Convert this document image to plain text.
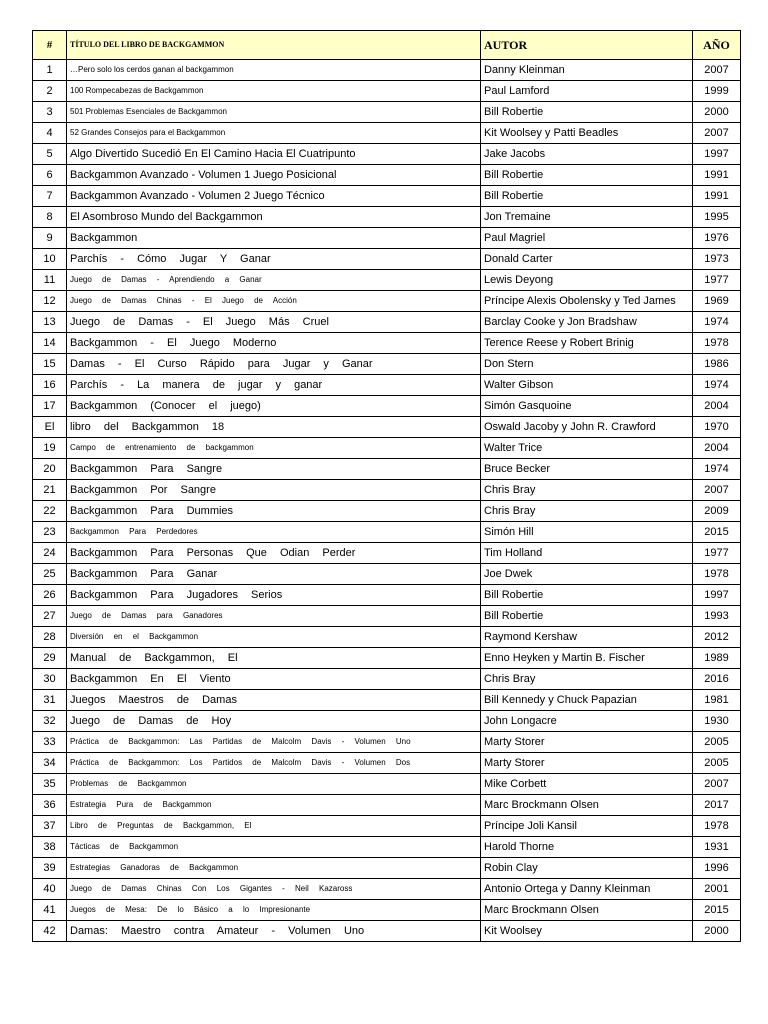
#	TÍTULO DEL LIBRO DE BACKGAMMON	AUTOR	AÑO
1	…Pero solo los cerdos ganan al backgammon	Danny Kleinman	2007
2	100 Rompecabezas de Backgammon	Paul Lamford	1999
3	501 Problemas Esenciales de Backgammon	Bill Robertie	2000
4	52 Grandes Consejos para el Backgammon	Kit Woolsey y Patti Beadles	2007
5	Algo Divertido Sucedió En El Camino Hacia El Cuatripunto	Jake Jacobs	1997
6	Backgammon Avanzado - Volumen 1 Juego Posicional	Bill Robertie	1991
7	Backgammon Avanzado - Volumen 2 Juego Técnico	Bill Robertie	1991
8	El Asombroso Mundo del Backgammon	Jon Tremaine	1995
9	Backgammon	Paul Magriel	1976
10	Parchís - Cómo Jugar Y Ganar	Donald Carter	1973
11	Juego de Damas - Aprendiendo a Ganar	Lewis Deyong	1977
12	Juego de Damas Chinas - El Juego de Acción	Príncipe Alexis Obolensky y Ted James	1969
13	Juego de Damas - El Juego Más Cruel	Barclay Cooke y Jon Bradshaw	1974
14	Backgammon - El Juego Moderno	Terence Reese y Robert Brinig	1978
15	Damas - El Curso Rápido para Jugar y Ganar	Don Stern	1986
16	Parchís - La manera de jugar y ganar	Walter Gibson	1974
17	Backgammon (Conocer el juego)	Simón Gasquoine	2004
El	libro del Backgammon 18	Oswald Jacoby y John R. Crawford	1970
19	Campo de entrenamiento de backgammon	Walter Trice	2004
20	Backgammon Para Sangre	Bruce Becker	1974
21	Backgammon Por Sangre	Chris Bray	2007
22	Backgammon Para Dummies	Chris Bray	2009
23	Backgammon Para Perdedores	Simón Hill	2015
24	Backgammon Para Personas Que Odian Perder	Tim Holland	1977
25	Backgammon Para Ganar	Joe Dwek	1978
26	Backgammon Para Jugadores Serios	Bill Robertie	1997
27	Juego de Damas para Ganadores	Bill Robertie	1993
28	Diversión en el Backgammon	Raymond Kershaw	2012
29	Manual de Backgammon, El	Enno Heyken y Martin B. Fischer	1989
30	Backgammon En El Viento	Chris Bray	2016
31	Juegos Maestros de Damas	Bill Kennedy y Chuck Papazian	1981
32	Juego de Damas de Hoy	John Longacre	1930
33	Práctica de Backgammon: Las Partidas de Malcolm Davis - Volumen Uno	Marty Storer	2005
34	Práctica de Backgammon: Los Partidos de Malcolm Davis - Volumen Dos	Marty Storer	2005
35	Problemas de Backgammon	Mike Corbett	2007
36	Estrategia Pura de Backgammon	Marc Brockmann Olsen	2017
37	Libro de Preguntas de Backgammon, El	Príncipe Joli Kansil	1978
38	Tácticas de Backgammon	Harold Thorne	1931
39	Estrategias Ganadoras de Backgammon	Robin Clay	1996
40	Juego de Damas Chinas Con Los Gigantes - Neil Kazaross	Antonio Ortega y Danny Kleinman	2001
41	Juegos de Mesa: De lo Básico a lo Impresionante	Marc Brockmann Olsen	2015
42	Damas: Maestro contra Amateur - Volumen Uno	Kit Woolsey	2000
